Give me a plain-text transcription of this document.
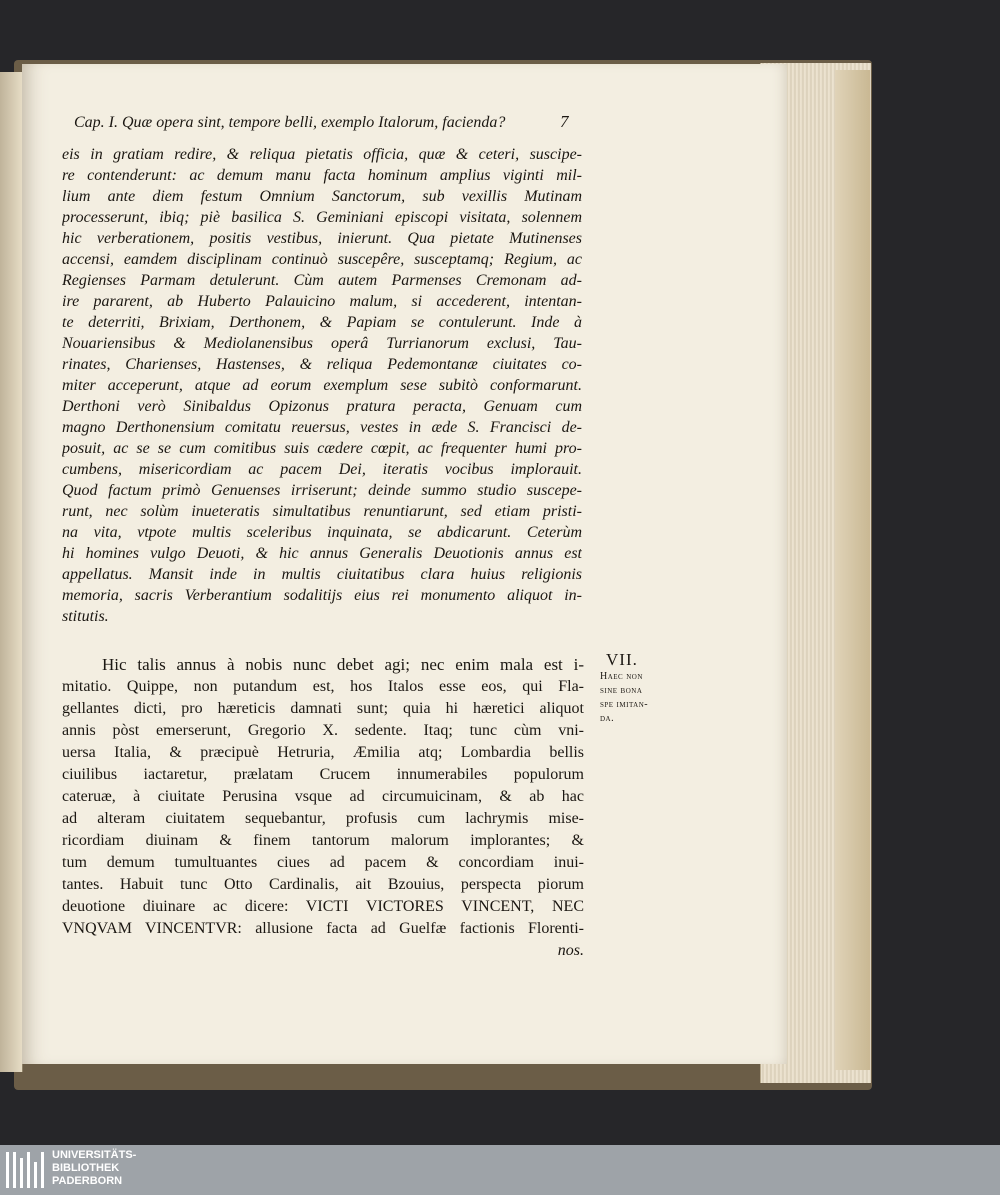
Cap. I. Quæ opera sint, tempore belli, exemplo Italorum, facienda?	7
eis in gratiam redire, & reliqua pietatis officia, quæ & ceteri, suscipe-
re contenderunt: ac demum manu facta hominum amplius viginti mil-
lium ante diem festum Omnium Sanctorum, sub vexillis Mutinam
processerunt, ibiq; piè basilica S. Geminiani episcopi visitata, solennem
hic verberationem, positis vestibus, inierunt. Qua pietate Mutinenses
accensi, eamdem disciplinam continuò suscepêre, susceptamq; Regium, ac
Regienses Parmam detulerunt. Cùm autem Parmenses Cremonam ad-
ire pararent, ab Huberto Palauicino malum, si accederent, intentan-
te deterriti, Brixiam, Derthonem, & Papiam se contulerunt. Inde à
Nouariensibus & Mediolanensibus operâ Turrianorum exclusi, Tau-
rinates, Charienses, Hastenses, & reliqua Pedemontanæ ciuitates co-
miter acceperunt, atque ad eorum exemplum sese subitò conformarunt.
Derthoni verò Sinibaldus Opizonus pratura peracta, Genuam cum
magno Derthonensium comitatu reuersus, vestes in æde S. Francisci de-
posuit, ac se se cum comitibus suis cædere cœpit, ac frequenter humi pro-
cumbens, misericordiam ac pacem Dei, iteratis vocibus implorauit.
Quod factum primò Genuenses irriserunt; deinde summo studio suscepe-
runt, nec solùm inueteratis simultatibus renuntiarunt, sed etiam pristi-
na vita, vtpote multis sceleribus inquinata, se abdicarunt. Ceterùm
hi homines vulgo Deuoti, & hic annus Generalis Deuotionis annus est
appellatus. Mansit inde in multis ciuitatibus clara huius religionis
memoria, sacris Verberantium sodalitijs eius rei monumento aliquot in-
stitutis.
Hic talis annus à nobis nunc debet agi; nec enim mala est i-
mitatio. Quippe, non putandum est, hos Italos esse eos, qui Fla-
gellantes dicti, pro hæreticis damnati sunt; quia hi hæretici aliquot
annis pòst emerserunt, Gregorio X. sedente. Itaq; tunc cùm vni-
uersa Italia, & præcipuè Hetruria, Æmilia atq; Lombardia bellis
ciuilibus iactaretur, prælatam Crucem innumerabiles populorum
cateruæ, à ciuitate Perusina vsque ad circumuicinam, & ab hac
ad alteram ciuitatem sequebantur, profusis cum lachrymis mise-
ricordiam diuinam & finem tantorum malorum implorantes; &
tum demum tumultuantes ciues ad pacem & concordiam inui-
tantes. Habuit tunc Otto Cardinalis, ait Bzouius, perspecta piorum
deuotione diuinare ac dicere: VICTI VICTORES VINCENT, NEC
VNQVAM VINCENTVR: allusione facta ad Guelfæ factionis Florenti-
nos.
VII.
Haec non
sine bona
spe imitan-
da.
UNIVERSITÄTS-
BIBLIOTHEK
PADERBORN
